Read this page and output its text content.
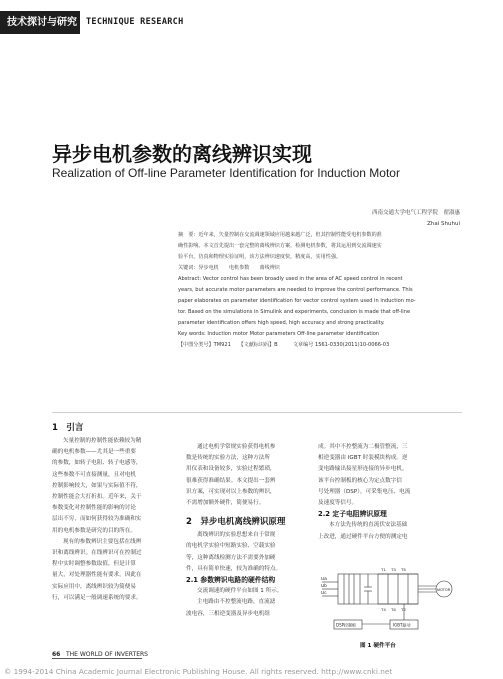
技术探讨与研究	TECHNIQUE RESEARCH
异步电机参数的离线辨识实现
Realization of Off-line Parameter Identification for Induction Motor
西南交通大学电气工程学院　翟淑惠
Zhai Shuhui
摘　要：近年来，矢量控制在交流调速领域应用越来越广泛，但其控制性能受电机参数的准
确性影响。本文首先提出一套完整的离线辨识方案，检测电机参数，将其运用到交流调速实
验平台，仿真和物理实验证明，该方法辨识速度快，精度高，实用性强。
关键词：异步电机　　电机参数　　离线辨识
Abstract: Vector control has been broadly used in the area of AC speed control in recent
years, but accurate motor parameters are needed to improve the control performance. This
paper elaborates on parameter identification for vector control system used in induction mo-
tor. Based on the simulations in Simulink and experiments, conclusion is made that off-line
parameter identification offers high speed, high accuracy and strong practicality.
Key words: Induction motor Motor parameters Off-line parameter identification
【中图分类号】TM921　　【文献标识码】B　　　文章编号 1561-0330(2011)10-0066-03
1　引言
矢量控制的控制性能依赖较为精
确的电机参数——尤其是一些重要
的参数，如转子电阻、转子电感等，
这些参数不可直接测量，且对电机
控制影响较大，如果与实际值不符，
控制性能会大打折扣。近年来，关于
参数变化对控制性能的影响的讨论
层出不穷，而如何获得较为准确和实
用的电机参数是研究的目的所在。
现有的参数辨识主要包括在线辨
识和离线辨识。在线辨识可在控制过
程中实时调整参数取值，但是计算
量大，对处理器性能有要求，因此在
实际应用中，离线辨识较为简便易
行，可以满足一般调速系统的要求。
通过电机学常规实验获得电机参
数是传统的实验方法，这种方法所
用仪表和设备较多，实验过程繁琐，
很难获得准确结果。本文提出一套辨
识方案，可实现对以上参数的辨识，
不需增加额外硬件，简便易行。
2　异步电机离线辨识原理
离线辨识的实验思想来自于常规
的电机学实验中短路实验、空载实验
等，这种离线检测方法不需要外加硬
件，具有简单快速，较为准确的特点。
2.1 参数辨识电路的硬件结构
交流调速的硬件平台如图 1 所示。
主电路由不控整流电路，直流滤
波电容，三相逆变器及异步电机组
成。其中不控整流为二极管整流，三
相逆变器由 IGBT 时装模块构成。逆
变电路输出接星形连接的异步电机。
该平台控制板的核心为定点数字信
号处理器（DSP），可采集电压、电流
及速度等信号。
2.2 定子电阻辨识原理
本方法先传统的直流伏安法基础
上改进，通过硬件平台方便的测定电
Ua
Ub
Uc
T1 T3 T5
T4 T6 T2
MOTOR
DSP控制板	IGBT驱动
图 1 硬件平台
66 THE WORLD OF INVERTERS
© 1994-2014 China Academic Journal Electronic Publishing House. All rights reserved. http://www.cnki.net
